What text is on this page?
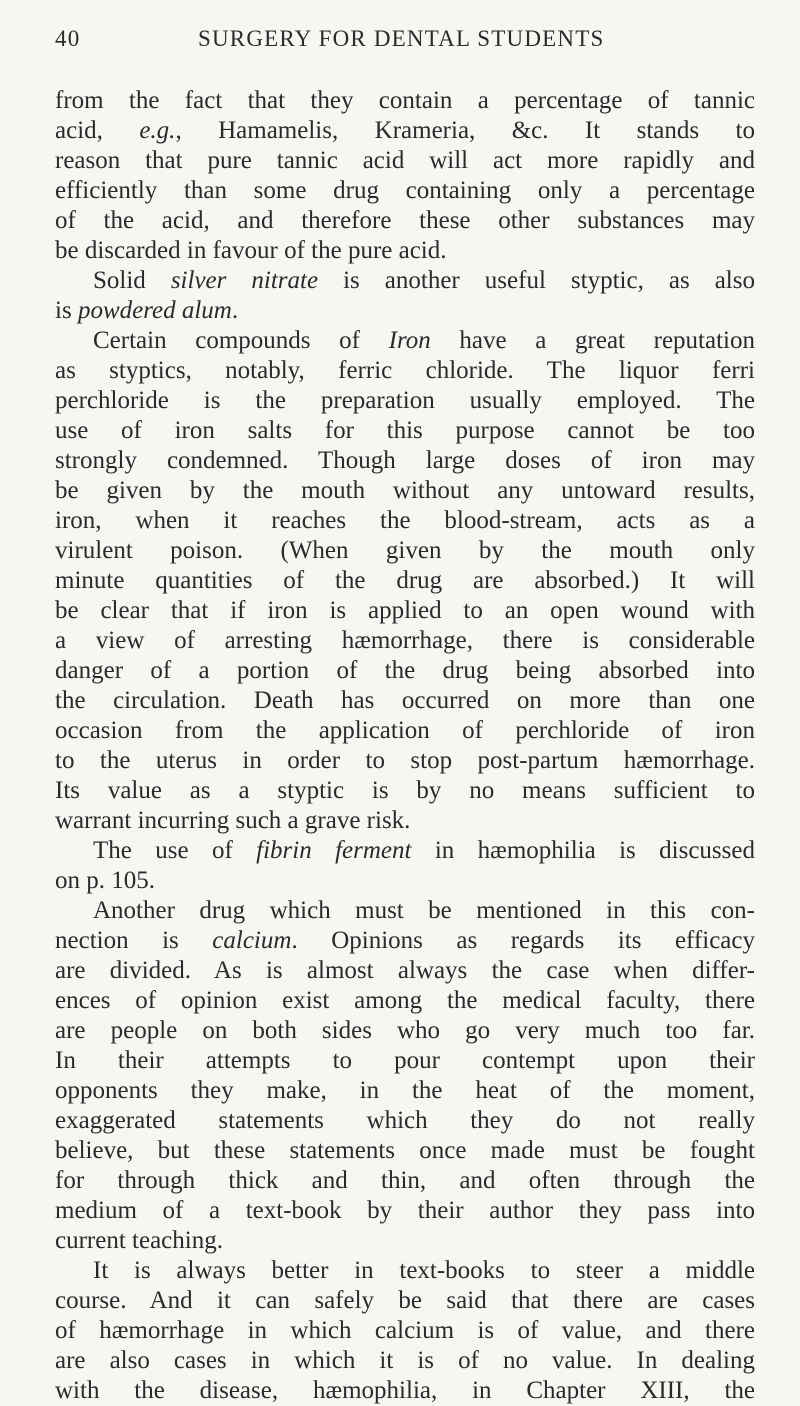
40	SURGERY FOR DENTAL STUDENTS
from the fact that they contain a percentage of tannic
acid, e.g., Hamamelis, Krameria, &c. It stands to
reason that pure tannic acid will act more rapidly and
efficiently than some drug containing only a percentage
of the acid, and therefore these other substances may
be discarded in favour of the pure acid.
Solid silver nitrate is another useful styptic, as also
is powdered alum.
Certain compounds of Iron have a great reputation
as styptics, notably, ferric chloride. The liquor ferri
perchloride is the preparation usually employed. The
use of iron salts for this purpose cannot be too
strongly condemned. Though large doses of iron may
be given by the mouth without any untoward results,
iron, when it reaches the blood-stream, acts as a
virulent poison. (When given by the mouth only
minute quantities of the drug are absorbed.) It will
be clear that if iron is applied to an open wound with
a view of arresting hæmorrhage, there is considerable
danger of a portion of the drug being absorbed into
the circulation. Death has occurred on more than one
occasion from the application of perchloride of iron
to the uterus in order to stop post-partum hæmorrhage.
Its value as a styptic is by no means sufficient to
warrant incurring such a grave risk.
The use of fibrin ferment in hæmophilia is discussed
on p. 105.
Another drug which must be mentioned in this con-
nection is calcium. Opinions as regards its efficacy
are divided. As is almost always the case when differ-
ences of opinion exist among the medical faculty, there
are people on both sides who go very much too far.
In their attempts to pour contempt upon their
opponents they make, in the heat of the moment,
exaggerated statements which they do not really
believe, but these statements once made must be fought
for through thick and thin, and often through the
medium of a text-book by their author they pass into
current teaching.
It is always better in text-books to steer a middle
course. And it can safely be said that there are cases
of hæmorrhage in which calcium is of value, and there
are also cases in which it is of no value. In dealing
with the disease, hæmophilia, in Chapter XIII, the
